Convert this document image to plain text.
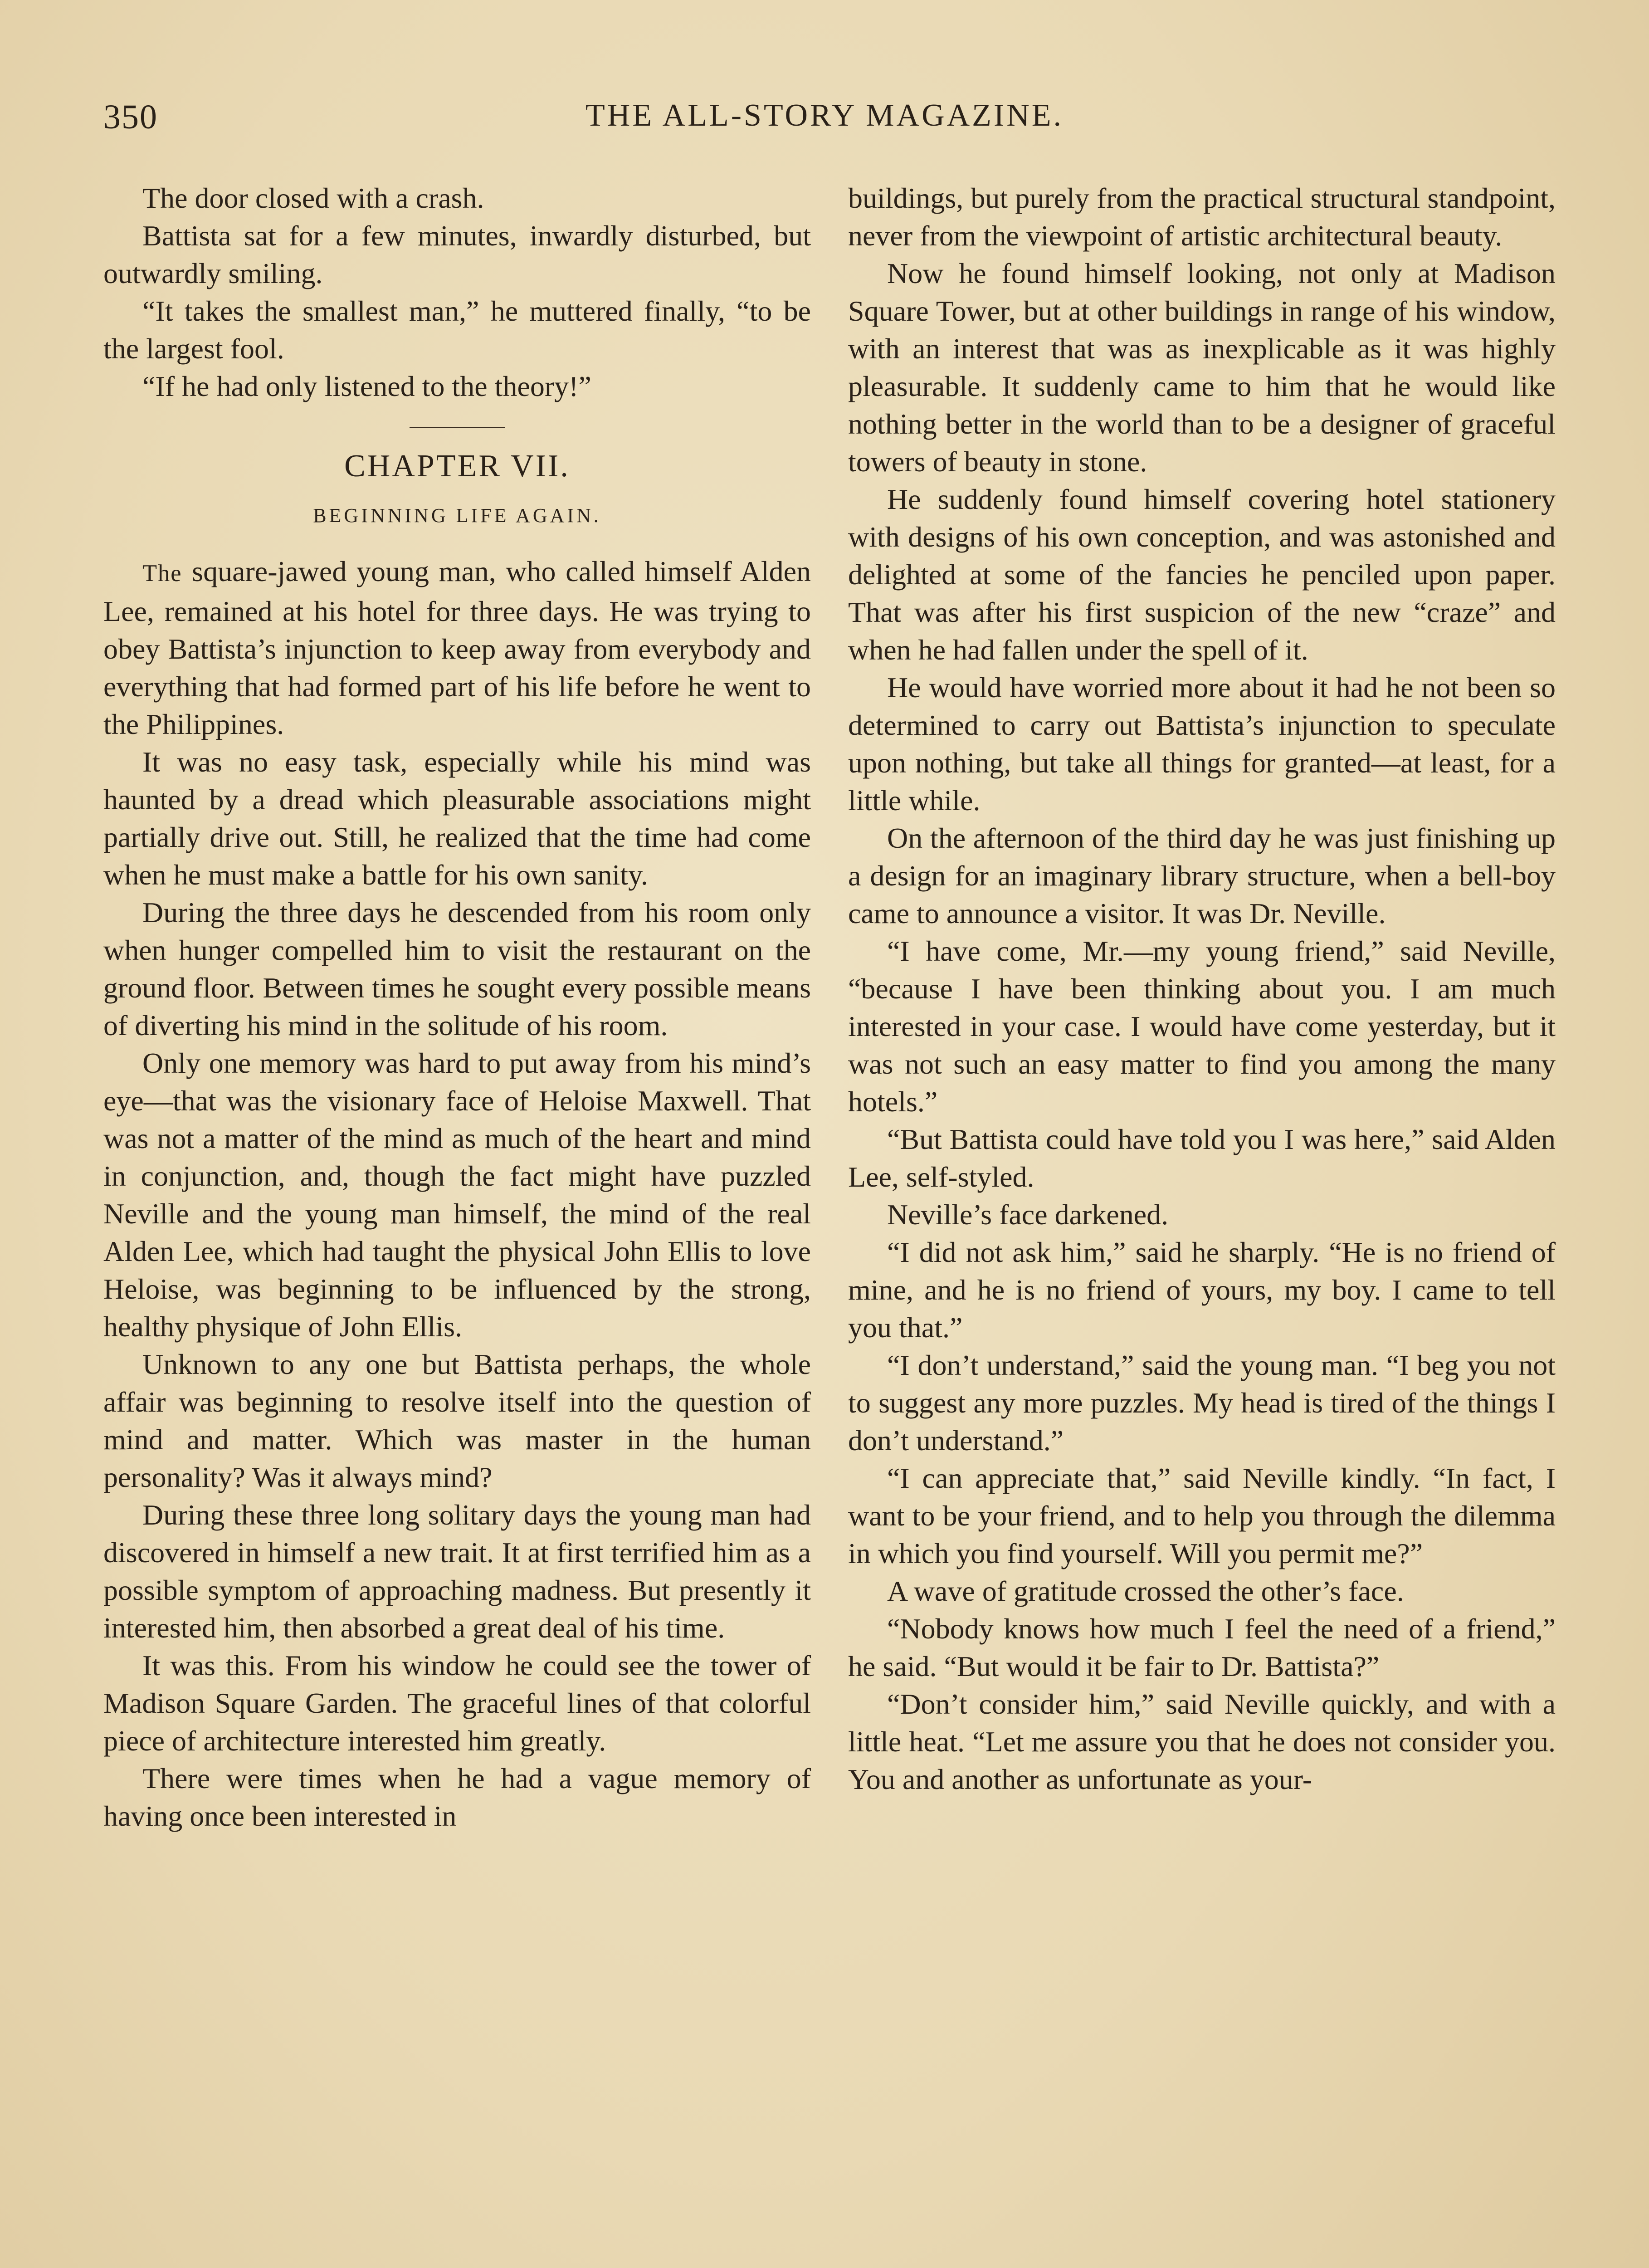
350	THE ALL-STORY MAGAZINE.

The door closed with a crash.

Battista sat for a few minutes, inwardly disturbed, but outwardly smiling.

“It takes the smallest man,” he muttered finally, “to be the largest fool.

“If he had only listened to the theory!”

CHAPTER VII.
BEGINNING LIFE AGAIN.

The square-jawed young man, who called himself Alden Lee, remained at his hotel for three days. He was trying to obey Battista’s injunction to keep away from everybody and everything that had formed part of his life before he went to the Philippines.

It was no easy task, especially while his mind was haunted by a dread which pleasurable associations might partially drive out. Still, he realized that the time had come when he must make a battle for his own sanity.

During the three days he descended from his room only when hunger compelled him to visit the restaurant on the ground floor. Between times he sought every possible means of diverting his mind in the solitude of his room.

Only one memory was hard to put away from his mind’s eye—that was the visionary face of Heloise Maxwell. That was not a matter of the mind as much of the heart and mind in conjunction, and, though the fact might have puzzled Neville and the young man himself, the mind of the real Alden Lee, which had taught the physical John Ellis to love Heloise, was beginning to be influenced by the strong, healthy physique of John Ellis.

Unknown to any one but Battista perhaps, the whole affair was beginning to resolve itself into the question of mind and matter. Which was master in the human personality? Was it always mind?

During these three long solitary days the young man had discovered in himself a new trait. It at first terrified him as a possible symptom of approaching madness. But presently it interested him, then absorbed a great deal of his time.

It was this. From his window he could see the tower of Madison Square Garden. The graceful lines of that colorful piece of architecture interested him greatly.

There were times when he had a vague memory of having once been interested in

buildings, but purely from the practical structural standpoint, never from the viewpoint of artistic architectural beauty.

Now he found himself looking, not only at Madison Square Tower, but at other buildings in range of his window, with an interest that was as inexplicable as it was highly pleasurable. It suddenly came to him that he would like nothing better in the world than to be a designer of graceful towers of beauty in stone.

He suddenly found himself covering hotel stationery with designs of his own conception, and was astonished and delighted at some of the fancies he penciled upon paper. That was after his first suspicion of the new “craze” and when he had fallen under the spell of it.

He would have worried more about it had he not been so determined to carry out Battista’s injunction to speculate upon nothing, but take all things for granted—at least, for a little while.

On the afternoon of the third day he was just finishing up a design for an imaginary library structure, when a bell-boy came to announce a visitor. It was Dr. Neville.

“I have come, Mr.—my young friend,” said Neville, “because I have been thinking about you. I am much interested in your case. I would have come yesterday, but it was not such an easy matter to find you among the many hotels.”

“But Battista could have told you I was here,” said Alden Lee, self-styled.

Neville’s face darkened.

“I did not ask him,” said he sharply. “He is no friend of mine, and he is no friend of yours, my boy. I came to tell you that.”

“I don’t understand,” said the young man. “I beg you not to suggest any more puzzles. My head is tired of the things I don’t understand.”

“I can appreciate that,” said Neville kindly. “In fact, I want to be your friend, and to help you through the dilemma in which you find yourself. Will you permit me?”

A wave of gratitude crossed the other’s face.

“Nobody knows how much I feel the need of a friend,” he said. “But would it be fair to Dr. Battista?”

“Don’t consider him,” said Neville quickly, and with a little heat. “Let me assure you that he does not consider you. You and another as unfortunate as your-
